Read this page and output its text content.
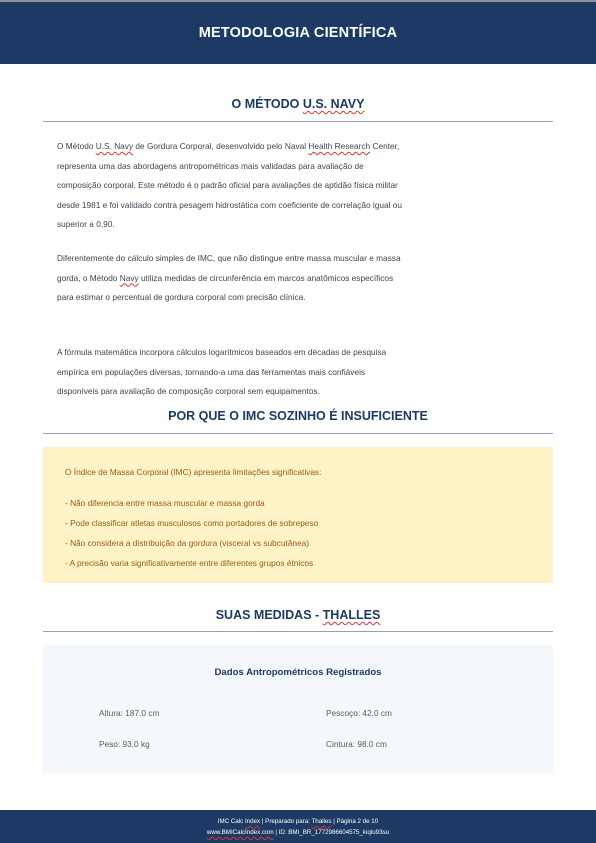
METODOLOGIA CIENTÍFICA
O MÉTODO U.S. NAVY
O Método U.S. Navy de Gordura Corporal, desenvolvido pelo Naval Health Research Center, representa uma das abordagens antropométricas mais validadas para avaliação de composição corporal. Este método é o padrão oficial para avaliações de aptidão física militar desde 1981 e foi validado contra pesagem hidrostática com coeficiente de correlação igual ou superior a 0,90.
Diferentemente do cálculo simples de IMC, que não distingue entre massa muscular e massa gorda, o Método Navy utiliza medidas de circunferência em marcos anatômicos específicos para estimar o percentual de gordura corporal com precisão clínica.
A fórmula matemática incorpora cálculos logarítmicos baseados em décadas de pesquisa empírica em populações diversas, tornando-a uma das ferramentas mais confiáveis disponíveis para avaliação de composição corporal sem equipamentos.
POR QUE O IMC SOZINHO É INSUFICIENTE
O Índice de Massa Corporal (IMC) apresenta limitações significativas:
- Não diferencia entre massa muscular e massa gorda
- Pode classificar atletas musculosos como portadores de sobrepeso
- Não considera a distribuição da gordura (visceral vs subcutânea)
- A precisão varia significativamente entre diferentes grupos étnicos
SUAS MEDIDAS - THALLES
Dados Antropométricos Registrados
Altura: 187.0 cm	Pescoço: 42.0 cm
Peso: 93.0 kg	Cintura: 98.0 cm
IMC Calc Index | Preparado para: Thalles | Página 2 de 10
www.BMICalcIndex.com | ID: BMI_BR_1772986604575_kiqlu93su
